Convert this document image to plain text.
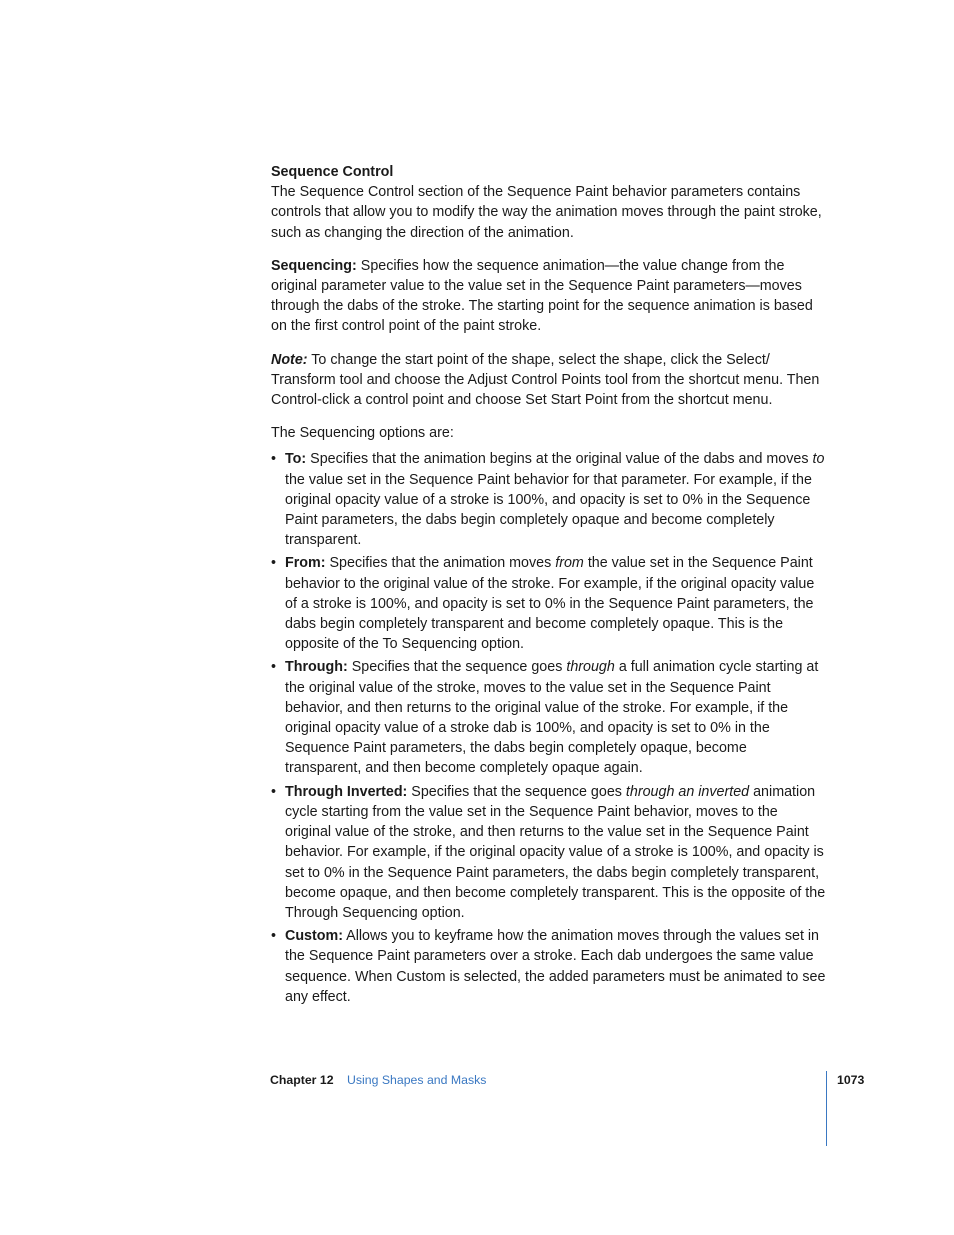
Sequence Control

The Sequence Control section of the Sequence Paint behavior parameters contains controls that allow you to modify the way the animation moves through the paint stroke, such as changing the direction of the animation.

Sequencing: Specifies how the sequence animation—the value change from the original parameter value to the value set in the Sequence Paint parameters—moves through the dabs of the stroke. The starting point for the sequence animation is based on the first control point of the paint stroke.

Note: To change the start point of the shape, select the shape, click the Select/ Transform tool and choose the Adjust Control Points tool from the shortcut menu. Then Control-click a control point and choose Set Start Point from the shortcut menu.

The Sequencing options are:

• To: Specifies that the animation begins at the original value of the dabs and moves to the value set in the Sequence Paint behavior for that parameter. For example, if the original opacity value of a stroke is 100%, and opacity is set to 0% in the Sequence Paint parameters, the dabs begin completely opaque and become completely transparent.
• From: Specifies that the animation moves from the value set in the Sequence Paint behavior to the original value of the stroke. For example, if the original opacity value of a stroke is 100%, and opacity is set to 0% in the Sequence Paint parameters, the dabs begin completely transparent and become completely opaque. This is the opposite of the To Sequencing option.
• Through: Specifies that the sequence goes through a full animation cycle starting at the original value of the stroke, moves to the value set in the Sequence Paint behavior, and then returns to the original value of the stroke. For example, if the original opacity value of a stroke dab is 100%, and opacity is set to 0% in the Sequence Paint parameters, the dabs begin completely opaque, become transparent, and then become completely opaque again.
• Through Inverted: Specifies that the sequence goes through an inverted animation cycle starting from the value set in the Sequence Paint behavior, moves to the original value of the stroke, and then returns to the value set in the Sequence Paint behavior. For example, if the original opacity value of a stroke is 100%, and opacity is set to 0% in the Sequence Paint parameters, the dabs begin completely transparent, become opaque, and then become completely transparent. This is the opposite of the Through Sequencing option.
• Custom: Allows you to keyframe how the animation moves through the values set in the Sequence Paint parameters over a stroke. Each dab undergoes the same value sequence. When Custom is selected, the added parameters must be animated to see any effect.
Chapter 12 Using Shapes and Masks	1073
